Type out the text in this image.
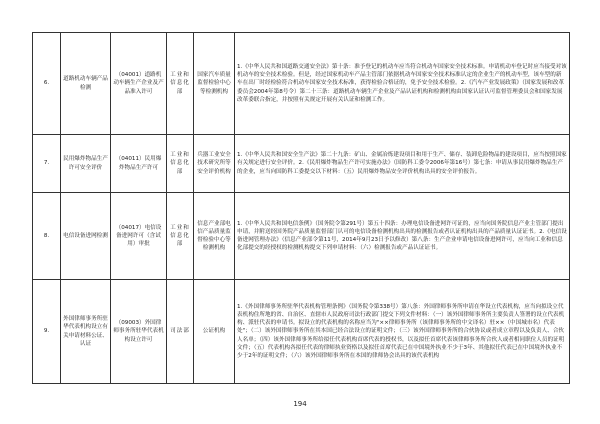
6.	道路机动车辆产品检测	（04001）道路机动车辆生产企业及产品准入许可	工业和信息化部	国家汽车质量监督检验中心等检测机构	1.《中华人民共和国道路交通安全法》第十条：准予登记的机动车应当符合机动车国家安全技术标准。申请机动车登记时应当接受对该机动车的安全技术检验。但是，经过国家机动车产品主管部门依据机动车国家安全技术标准认定的企业生产的机动车型，该车型的新车在出厂时经检验符合机动车国家安全技术标准，获得检验合格证的，免予安全技术检验。2.《汽车产业发展政策》（国家发展和改革委员会2004年第8号令）第二十三条：道路机动车辆生产企业及产品认证机构和检测机构由国家认证认可监督管理委员会和国家发展改革委联合指定，并按照有关规定开展有关认证和检测工作。
7.	民用爆炸物品生产许可安全评价	（04011）民用爆炸物品生产许可	工业和信息化部	兵器工业安全技术研究所等安全评价机构	1.《中华人民共和国安全生产法》第二十九条：矿山、金属冶炼建设项目和用于生产、储存、装卸危险物品的建设项目，应当按照国家有关规定进行安全评价。2.《民用爆炸物品生产许可实施办法》（国防科工委令2006年第16号）第七条：申请从事民用爆炸物品生产的企业，应当向国防科工委提交以下材料：（五）民用爆炸物品安全评价机构出具的安全评价报告。
8.	电信设备进网检测	（04017）电信设备进网许可（含试用）审批	工业和信息化部	信息产业部电信产品质量监督检验中心等检测机构	1.《中华人民共和国电信条例》（国务院令第291号）第五十四条：办理电信设备进网许可证的，应当向国务院信息产业主管部门提出申请，并附送经国务院产品质量监督部门认可的电信设备检测机构出具的检测报告或者认证机构出具的产品质量认证证书。2.《电信设备进网管理办法》（信息产业部令第11号，2014年9月23日予以修改）第八条：生产企业申请电信设备进网许可，应当向工业和信息化部提交的经授权的检测机构提交下列申请材料：（六）检测报告或产品认证证书。
9.	外国律师事务所驻华代表机构设立有关申请材料公证、认证	（09003）外国律师事务所驻华代表机构设立许可	司法部	公证机构	1.《外国律师事务所驻华代表机构管理条例》（国务院令第338号）第八条：外国律师事务所申请在华设立代表机构，应当向拟设立代表机构住所地的省、自治区、直辖市人民政府司法行政部门提交下列文件材料：（一）该外国律师事务所主要负责人签署的设立代表机构、派驻代表的申请书。拟设立的代表机构的名称应当为"××律师事务所（该律师事务所的中文译名）驻××（中国城市名）代表处"；（二）该外国律师事务所在其本国已经合法设立的证明文件；（三）该外国律师事务所的合伙协议或者成立章程以及负责人、合伙人名单；（四）该外国律师事务所给拟任代表机构首席代表的授权书，以及拟任首席代表该律师事务所合伙人或者相同职位人员的证明文件；（五）代表机构各拟任代表的律师执业资格以及拟任首席代表已在中国境外执业不少于3年、其他拟任代表已在中国境外执业不少于2年的证明文件；（六）该外国律师事务所在本国的律师协会出具的该代表机构
194
